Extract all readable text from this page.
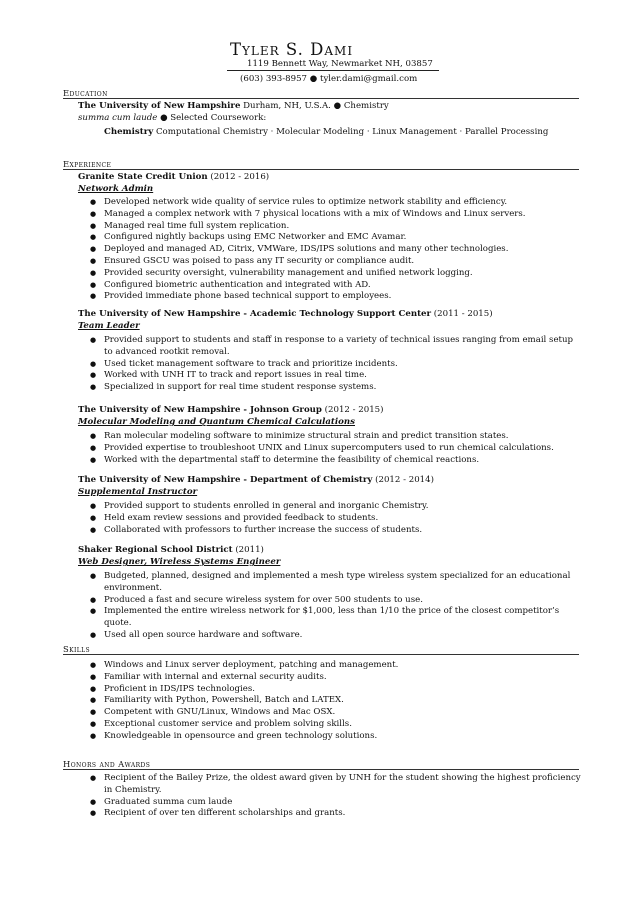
Tyler S. Dami
1119 Bennett Way, Newmarket NH, 03857
(603) 393-8957 ● tyler.dami@gmail.com
Education
The University of New Hampshire Durham, NH, U.S.A. ● Chemistry
summa cum laude ● Selected Coursework:
Chemistry Computational Chemistry · Molecular Modeling · Linux Management · Parallel Processing
Experience
Granite State Credit Union (2012 - 2016)
Network Admin
● Developed network wide quality of service rules to optimize network stability and efficiency.
● Managed a complex network with 7 physical locations with a mix of Windows and Linux servers.
● Managed real time full system replication.
● Configured nightly backups using EMC Networker and EMC Avamar.
● Deployed and managed AD, Citrix, VMWare, IDS/IPS solutions and many other technologies.
● Ensured GSCU was poised to pass any IT security or compliance audit.
● Provided security oversight, vulnerability management and unified network logging.
● Configured biometric authentication and integrated with AD.
● Provided immediate phone based technical support to employees.
The University of New Hampshire - Academic Technology Support Center (2011 - 2015)
Team Leader
● Provided support to students and staff in response to a variety of technical issues ranging from email setup to advanced rootkit removal.
● Used ticket management software to track and prioritize incidents.
● Worked with UNH IT to track and report issues in real time.
● Specialized in support for real time student response systems.
The University of New Hampshire - Johnson Group (2012 - 2015)
Molecular Modeling and Quantum Chemical Calculations
● Ran molecular modeling software to minimize structural strain and predict transition states.
● Provided expertise to troubleshoot UNIX and Linux supercomputers used to run chemical calculations.
● Worked with the departmental staff to determine the feasibility of chemical reactions.
The University of New Hampshire - Department of Chemistry (2012 - 2014)
Supplemental Instructor
● Provided support to students enrolled in general and inorganic Chemistry.
● Held exam review sessions and provided feedback to students.
● Collaborated with professors to further increase the success of students.
Shaker Regional School District (2011)
Web Designer, Wireless Systems Engineer
● Budgeted, planned, designed and implemented a mesh type wireless system specialized for an educational environment.
● Produced a fast and secure wireless system for over 500 students to use.
● Implemented the entire wireless network for $1,000, less than 1/10 the price of the closest competitor’s quote.
● Used all open source hardware and software.
Skills
● Windows and Linux server deployment, patching and management.
● Familiar with internal and external security audits.
● Proficient in IDS/IPS technologies.
● Familiarity with Python, Powershell, Batch and LATEX.
● Competent with GNU/Linux, Windows and Mac OSX.
● Exceptional customer service and problem solving skills.
● Knowledgeable in opensource and green technology solutions.
Honors and Awards
● Recipient of the Bailey Prize, the oldest award given by UNH for the student showing the highest proficiency in Chemistry.
● Graduated summa cum laude
● Recipient of over ten different scholarships and grants.
